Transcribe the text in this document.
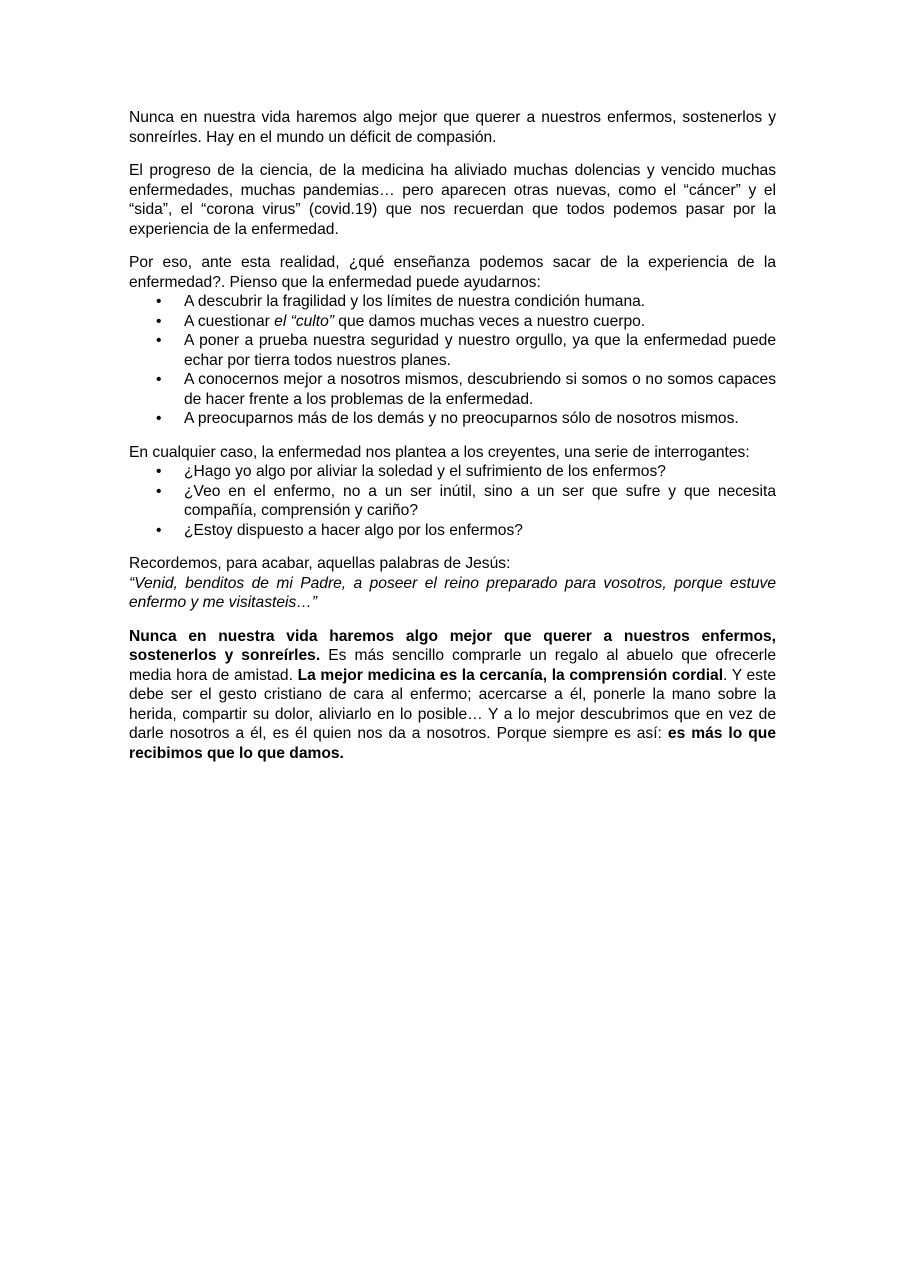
Nunca en nuestra vida haremos algo mejor que querer a nuestros enfermos, sostenerlos y sonreírles. Hay en el mundo un déficit de compasión.

El progreso de la ciencia, de la medicina ha aliviado muchas dolencias y vencido muchas enfermedades, muchas pandemias… pero aparecen otras nuevas, como el “cáncer” y el “sida”, el “corona virus” (covid.19) que nos recuerdan que todos podemos pasar por la experiencia de la enfermedad.

Por eso, ante esta realidad, ¿qué enseñanza podemos sacar de la experiencia de la enfermedad?. Pienso que la enfermedad puede ayudarnos:

• A descubrir la fragilidad y los límites de nuestra condición humana.
• A cuestionar el “culto” que damos muchas veces a nuestro cuerpo.
• A poner a prueba nuestra seguridad y nuestro orgullo, ya que la enfermedad puede echar por tierra todos nuestros planes.
• A conocernos mejor a nosotros mismos, descubriendo si somos o no somos capaces de hacer frente a los problemas de la enfermedad.
• A preocuparnos más de los demás y no preocuparnos sólo de nosotros mismos.

En cualquier caso, la enfermedad nos plantea a los creyentes, una serie de interrogantes:

• ¿Hago yo algo por aliviar la soledad y el sufrimiento de los enfermos?
• ¿Veo en el enfermo, no a un ser inútil, sino a un ser que sufre y que necesita compañía, comprensión y cariño?
• ¿Estoy dispuesto a hacer algo por los enfermos?

Recordemos, para acabar, aquellas palabras de Jesús:

“Venid, benditos de mi Padre, a poseer el reino preparado para vosotros, porque estuve enfermo y me visitasteis…”

Nunca en nuestra vida haremos algo mejor que querer a nuestros enfermos, sostenerlos y sonreírles. Es más sencillo comprarle un regalo al abuelo que ofrecerle media hora de amistad. La mejor medicina es la cercanía, la comprensión cordial. Y este debe ser el gesto cristiano de cara al enfermo; acercarse a él, ponerle la mano sobre la herida, compartir su dolor, aliviarlo en lo posible… Y a lo mejor descubrimos que en vez de darle nosotros a él, es él quien nos da a nosotros. Porque siempre es así: es más lo que recibimos que lo que damos.
